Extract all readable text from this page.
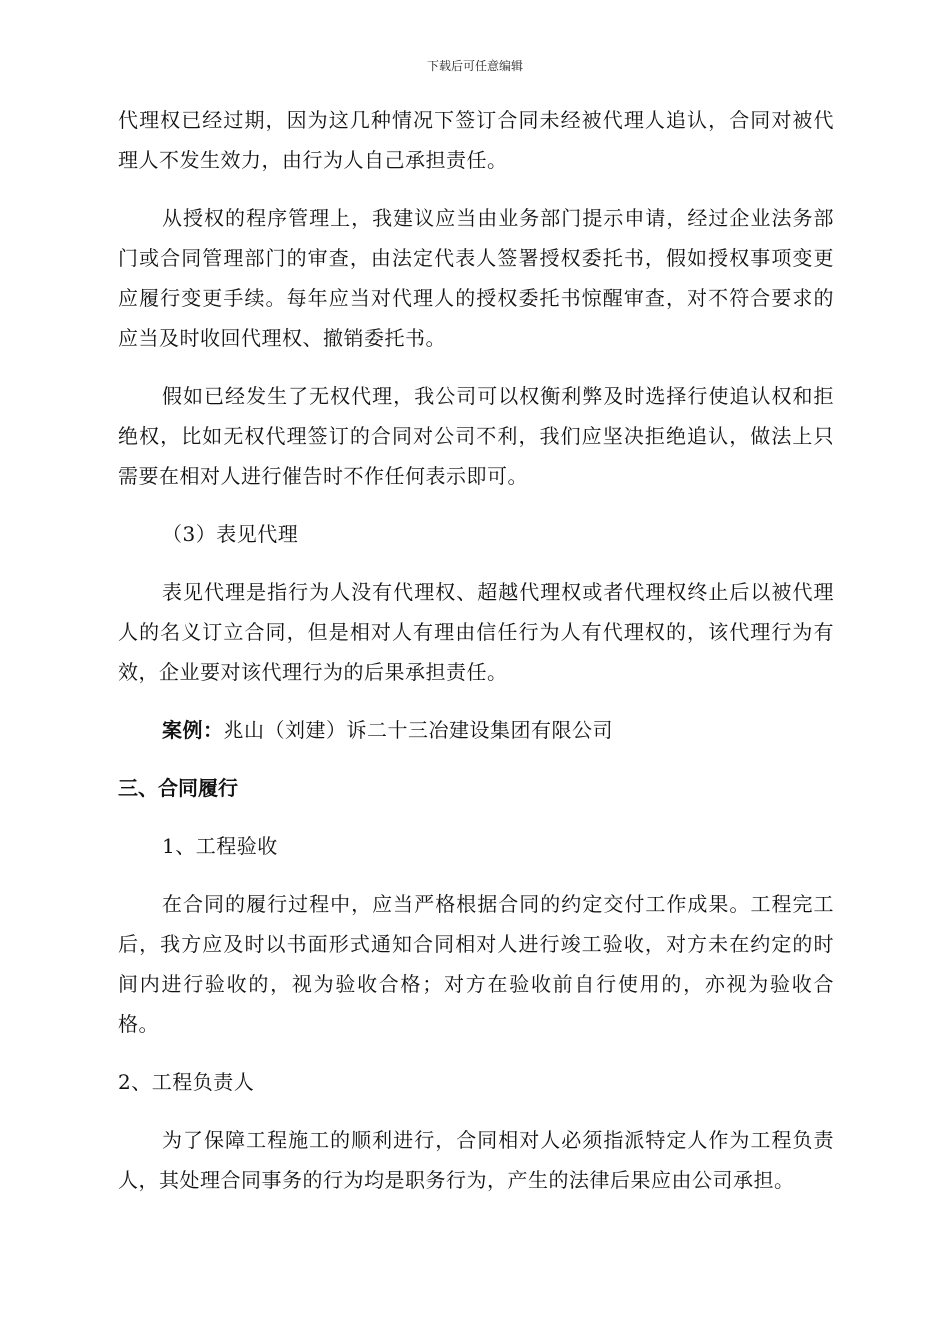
下载后可任意编辑

代理权已经过期，因为这几种情况下签订合同未经被代理人追认，合同对被代理人不发生效力，由行为人自己承担责任。

从授权的程序管理上，我建议应当由业务部门提示申请，经过企业法务部门或合同管理部门的审查，由法定代表人签署授权委托书，假如授权事项变更应履行变更手续。每年应当对代理人的授权委托书惊醒审查，对不符合要求的应当及时收回代理权、撤销委托书。

假如已经发生了无权代理，我公司可以权衡利弊及时选择行使追认权和拒绝权，比如无权代理签订的合同对公司不利，我们应坚决拒绝追认，做法上只需要在相对人进行催告时不作任何表示即可。

（3）表见代理

表见代理是指行为人没有代理权、超越代理权或者代理权终止后以被代理人的名义订立合同，但是相对人有理由信任行为人有代理权的，该代理行为有效，企业要对该代理行为的后果承担责任。

案例：兆山（刘建）诉二十三冶建设集团有限公司

三、合同履行

1、工程验收

在合同的履行过程中，应当严格根据合同的约定交付工作成果。工程完工后，我方应及时以书面形式通知合同相对人进行竣工验收，对方未在约定的时间内进行验收的，视为验收合格；对方在验收前自行使用的，亦视为验收合格。

2、工程负责人

为了保障工程施工的顺利进行，合同相对人必须指派特定人作为工程负责人，其处理合同事务的行为均是职务行为，产生的法律后果应由公司承担。
